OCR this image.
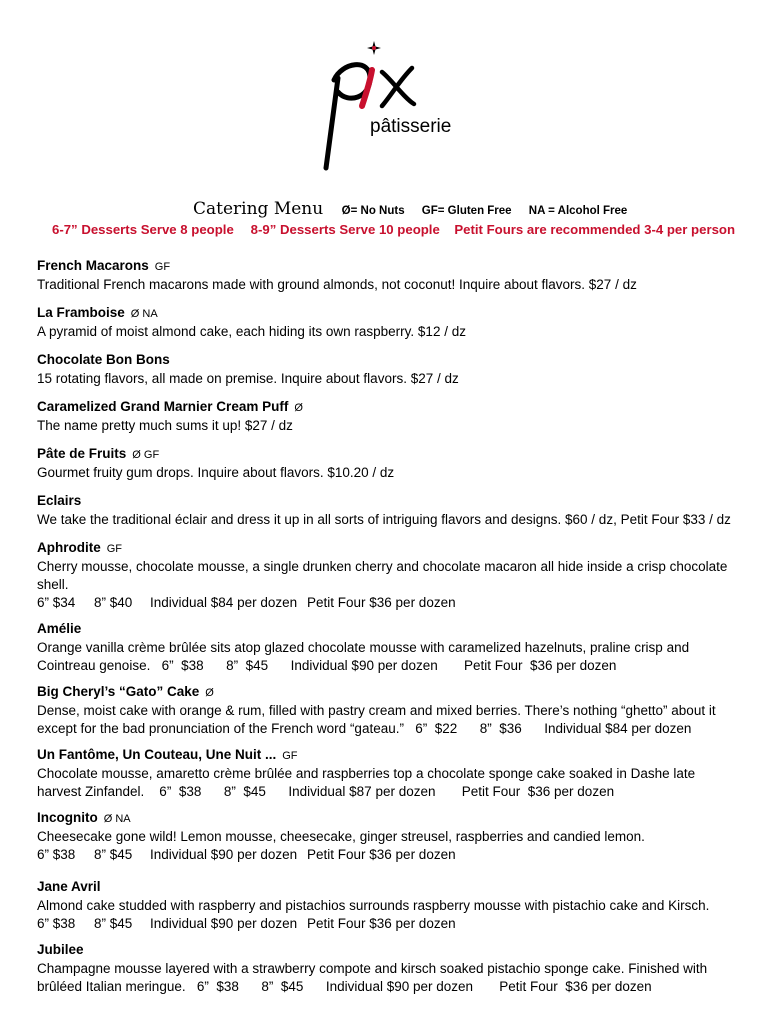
pâtisserie
Catering Menu Ø= No Nuts GF= Gluten Free NA = Alcohol Free
6-7” Desserts Serve 8 people 8-9” Desserts Serve 10 people Petit Fours are recommended 3-4 per person
French Macarons GF
Traditional French macarons made with ground almonds, not coconut! Inquire about flavors. $27 / dz
La Framboise Ø NA
A pyramid of moist almond cake, each hiding its own raspberry. $12 / dz
Chocolate Bon Bons
15 rotating flavors, all made on premise. Inquire about flavors. $27 / dz
Caramelized Grand Marnier Cream Puff Ø
The name pretty much sums it up! $27 / dz
Pâte de Fruits Ø GF
Gourmet fruity gum drops. Inquire about flavors. $10.20 / dz
Eclairs
We take the traditional éclair and dress it up in all sorts of intriguing flavors and designs. $60 / dz, Petit Four $33 / dz
Aphrodite GF
Cherry mousse, chocolate mousse, a single drunken cherry and chocolate macaron all hide inside a crisp chocolate shell.
6” $34 8” $40 Individual $84 per dozen Petit Four $36 per dozen
Amélie
Orange vanilla crème brûlée sits atop glazed chocolate mousse with caramelized hazelnuts, praline crisp and Cointreau genoise.   6”  $38      8”  $45      Individual $90 per dozen       Petit Four  $36 per dozen
Big Cheryl’s “Gato” Cake Ø
Dense, moist cake with orange & rum, filled with pastry cream and mixed berries. There’s nothing “ghetto” about it except for the bad pronunciation of the French word “gateau.”   6”  $22      8”  $36      Individual $84 per dozen
Un Fantôme, Un Couteau, Une Nuit ... GF
Chocolate mousse, amaretto crème brûlée and raspberries top a chocolate sponge cake soaked in Dashe late harvest Zinfandel.    6”  $38      8”  $45      Individual $87 per dozen       Petit Four  $36 per dozen
Incognito Ø NA
Cheesecake gone wild! Lemon mousse, cheesecake, ginger streusel, raspberries and candied lemon.
6” $38 8” $45 Individual $90 per dozen Petit Four $36 per dozen
Jane Avril
Almond cake studded with raspberry and pistachios surrounds raspberry mousse with pistachio cake and Kirsch.
6” $38 8” $45 Individual $90 per dozen Petit Four $36 per dozen
Jubilee
Champagne mousse layered with a strawberry compote and kirsch soaked pistachio sponge cake. Finished with brûléed Italian meringue.   6”  $38      8”  $45      Individual $90 per dozen       Petit Four  $36 per dozen
